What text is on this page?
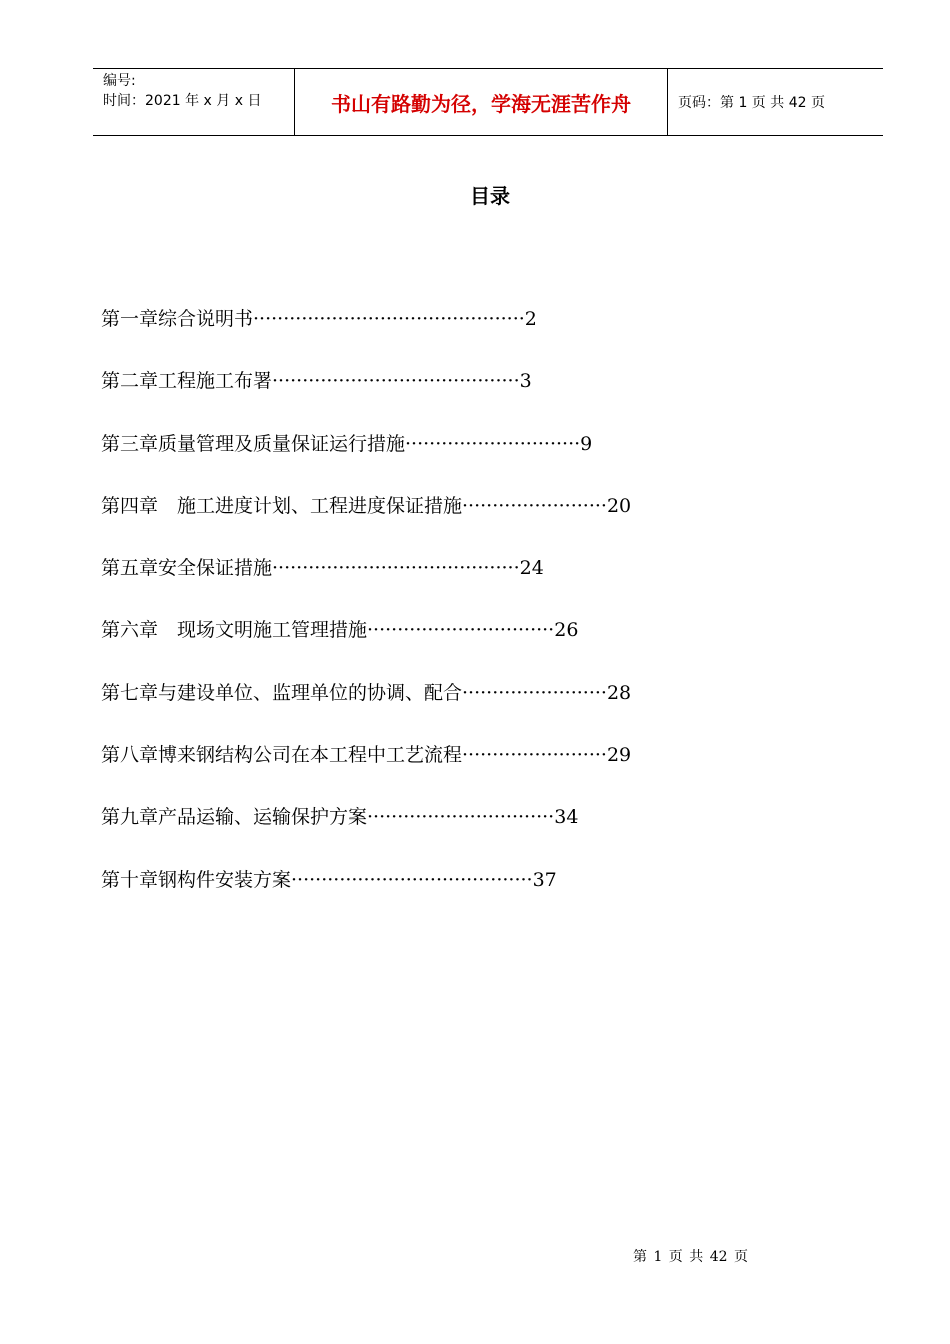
编号:
时间：2021 年 x 月 x 日	书山有路勤为径，学海无涯苦作舟	页码：第 1 页 共 42 页
目录
第一章综合说明书·············································2
第二章工程施工布署·········································3
第三章质量管理及质量保证运行措施·····························9
第四章　施工进度计划、工程进度保证措施························20
第五章安全保证措施·········································24
第六章　现场文明施工管理措施·······························26
第七章与建设单位、监理单位的协调、配合························28
第八章博来钢结构公司在本工程中工艺流程························29
第九章产品运输、运输保护方案·······························34
第十章钢构件安装方案········································37
第 1 页 共 42 页
